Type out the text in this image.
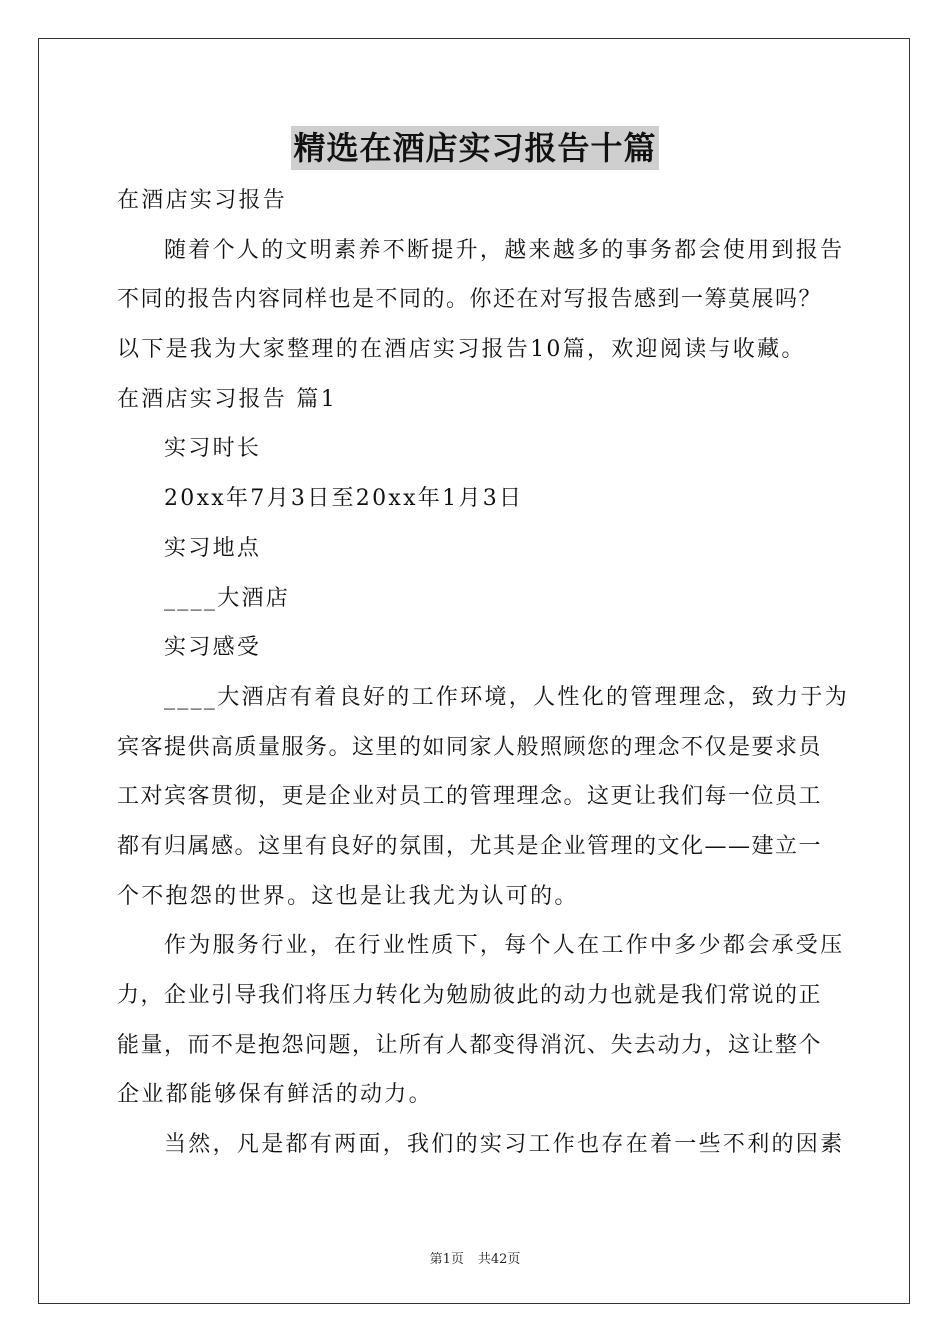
精选在酒店实习报告十篇
在酒店实习报告
随着个人的文明素养不断提升，越来越多的事务都会使用到报告
不同的报告内容同样也是不同的。你还在对写报告感到一筹莫展吗？
以下是我为大家整理的在酒店实习报告10篇，欢迎阅读与收藏。
在酒店实习报告 篇1
实习时长
20xx年7月3日至20xx年1月3日
实习地点
____大酒店
实习感受
____大酒店有着良好的工作环境，人性化的管理理念，致力于为
宾客提供高质量服务。这里的如同家人般照顾您的理念不仅是要求员
工对宾客贯彻，更是企业对员工的管理理念。这更让我们每一位员工
都有归属感。这里有良好的氛围，尤其是企业管理的文化——建立一
个不抱怨的世界。这也是让我尤为认可的。
作为服务行业，在行业性质下，每个人在工作中多少都会承受压
力，企业引导我们将压力转化为勉励彼此的动力也就是我们常说的正
能量，而不是抱怨问题，让所有人都变得消沉、失去动力，这让整个
企业都能够保有鲜活的动力。
当然，凡是都有两面，我们的实习工作也存在着一些不利的因素
第1页 共42页
